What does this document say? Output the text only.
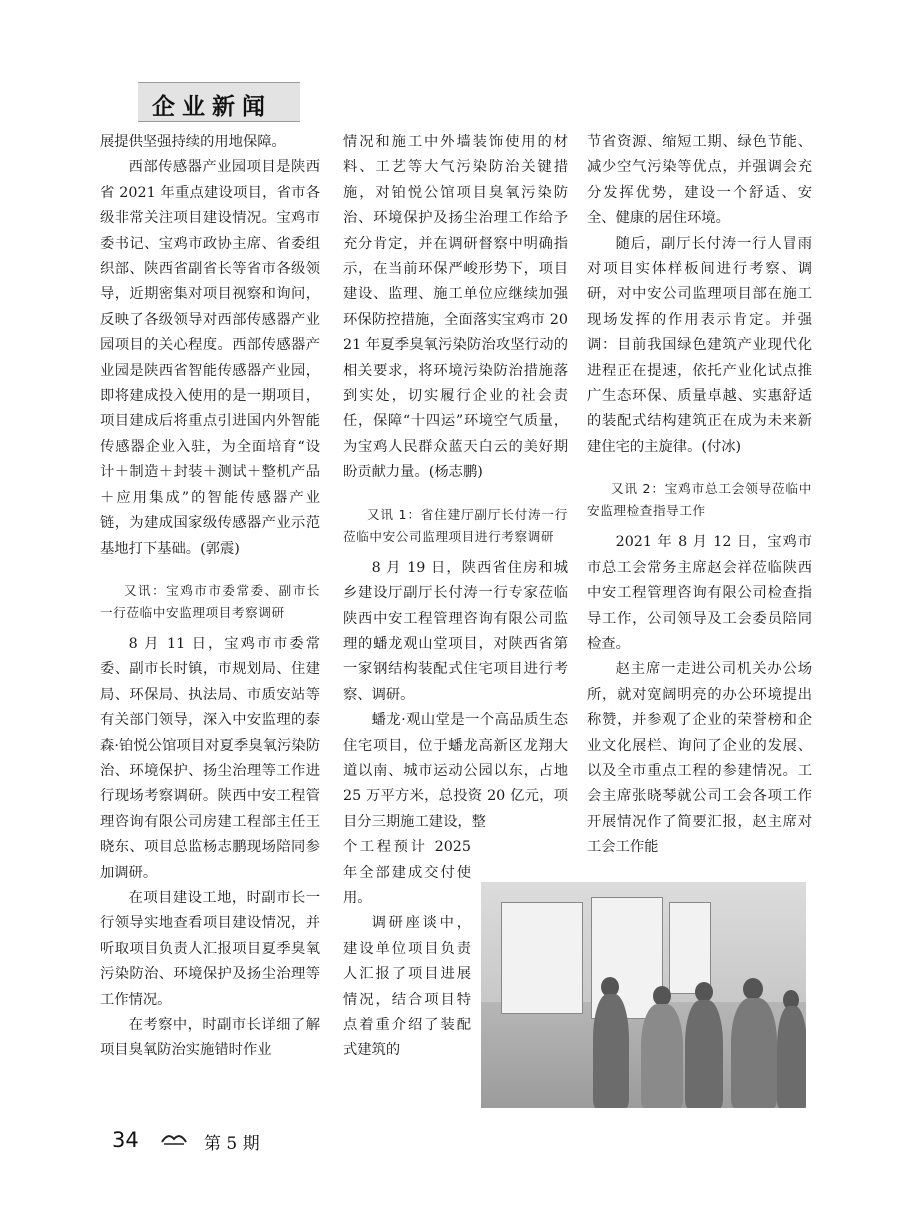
企业新闻

展提供坚强持续的用地保障。

西部传感器产业园项目是陕西省 2021 年重点建设项目，省市各级非常关注项目建设情况。宝鸡市委书记、宝鸡市政协主席、省委组织部、陕西省副省长等省市各级领导，近期密集对项目视察和询问，反映了各级领导对西部传感器产业园项目的关心程度。西部传感器产业园是陕西省智能传感器产业园，即将建成投入使用的是一期项目，项目建成后将重点引进国内外智能传感器企业入驻，为全面培育“设计＋制造＋封装＋测试＋整机产品＋应用集成”的智能传感器产业链，为建成国家级传感器产业示范基地打下基础。(郭震)

又讯：宝鸡市市委常委、副市长一行莅临中安监理项目考察调研

8 月 11 日，宝鸡市市委常委、副市长时镇，市规划局、住建局、环保局、执法局、市质安站等有关部门领导，深入中安监理的泰森·铂悦公馆项目对夏季臭氧污染防治、环境保护、扬尘治理等工作进行现场考察调研。陕西中安工程管理咨询有限公司房建工程部主任王晓东、项目总监杨志鹏现场陪同参加调研。

在项目建设工地，时副市长一行领导实地查看项目建设情况，并听取项目负责人汇报项目夏季臭氧污染防治、环境保护及扬尘治理等工作情况。

在考察中，时副市长详细了解项目臭氧防治实施错时作业

情况和施工中外墙装饰使用的材料、工艺等大气污染防治关键措施，对铂悦公馆项目臭氧污染防治、环境保护及扬尘治理工作给予充分肯定，并在调研督察中明确指示，在当前环保严峻形势下，项目建设、监理、施工单位应继续加强环保防控措施，全面落实宝鸡市 2021 年夏季臭氧污染防治攻坚行动的相关要求，将环境污染防治措施落到实处，切实履行企业的社会责任，保障“十四运”环境空气质量，为宝鸡人民群众蓝天白云的美好期盼贡献力量。(杨志鹏)

又讯 1：省住建厅副厅长付涛一行莅临中安公司监理项目进行考察调研

8 月 19 日，陕西省住房和城乡建设厅副厅长付涛一行专家莅临陕西中安工程管理咨询有限公司监理的蟠龙观山堂项目，对陕西省第一家钢结构装配式住宅项目进行考察、调研。

蟠龙·观山堂是一个高品质生态住宅项目，位于蟠龙高新区龙翔大道以南、城市运动公园以东，占地 25 万平方米，总投资 20 亿元，项目分三期施工建设，整

个工程预计 2025 年全部建成交付使用。

调研座谈中，建设单位项目负责人汇报了项目进展情况，结合项目特点着重介绍了装配式建筑的

节省资源、缩短工期、绿色节能、减少空气污染等优点，并强调会充分发挥优势，建设一个舒适、安全、健康的居住环境。

随后，副厅长付涛一行人冒雨对项目实体样板间进行考察、调研，对中安公司监理项目部在施工现场发挥的作用表示肯定。并强调：目前我国绿色建筑产业现代化进程正在提速，依托产业化试点推广生态环保、质量卓越、实惠舒适的装配式结构建筑正在成为未来新建住宅的主旋律。(付冰)

又讯 2：宝鸡市总工会领导莅临中安监理检查指导工作

2021 年 8 月 12 日，宝鸡市市总工会常务主席赵会祥莅临陕西中安工程管理咨询有限公司检查指导工作，公司领导及工会委员陪同检查。

赵主席一走进公司机关办公场所，就对宽阔明亮的办公环境提出称赞，并参观了企业的荣誉榜和企业文化展栏、询问了企业的发展、以及全市重点工程的参建情况。工会主席张晓琴就公司工会各项工作开展情况作了简要汇报，赵主席对工会工作能

34	第 5 期
